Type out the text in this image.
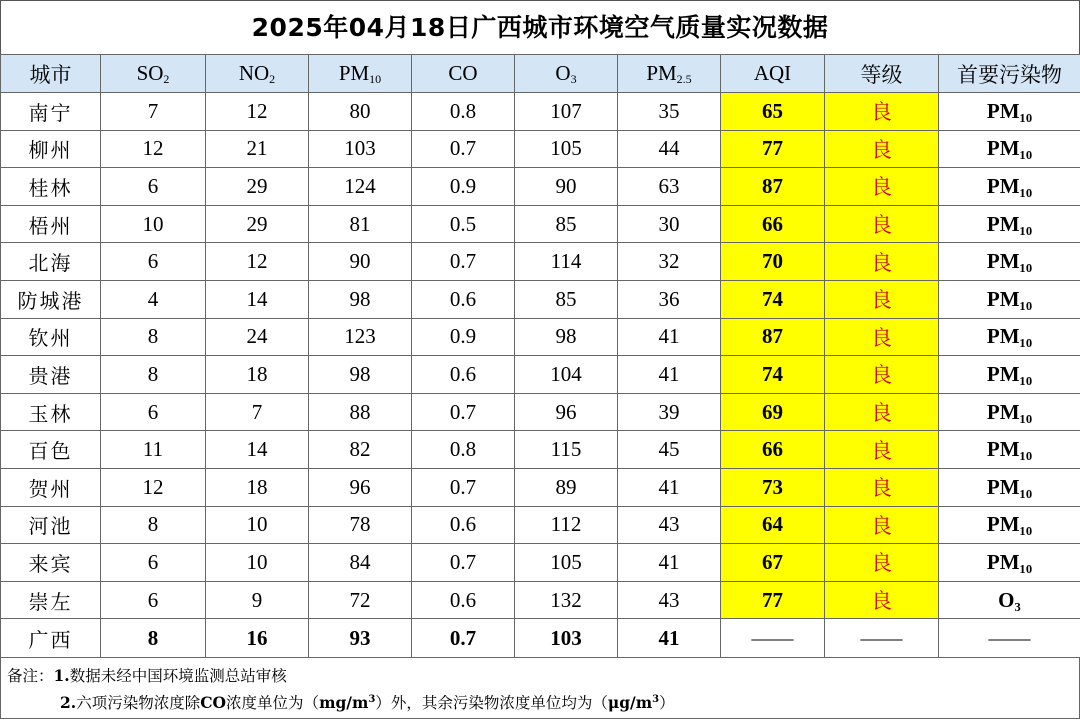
2025年04月18日广西城市环境空气质量实况数据
城市	$SO_2$	$NO_2$	$PM_{10}$	CO	$O_3$	$PM_{2.5}$	AQI	等级	首要污染物
南宁	7	12	80	0.8	107	35	65	良	PM₁₀
柳州	12	21	103	0.7	105	44	77	良	PM₁₀
桂林	6	29	124	0.9	90	63	87	良	PM₁₀
梧州	10	29	81	0.5	85	30	66	良	PM₁₀
北海	6	12	90	0.7	114	32	70	良	PM₁₀
防城港	4	14	98	0.6	85	36	74	良	PM₁₀
钦州	8	24	123	0.9	98	41	87	良	PM₁₀
贵港	8	18	98	0.6	104	41	74	良	PM₁₀
玉林	6	7	88	0.7	96	39	69	良	PM₁₀
百色	11	14	82	0.8	115	45	66	良	PM₁₀
贺州	12	18	96	0.7	89	41	73	良	PM₁₀
河池	8	10	78	0.6	112	43	64	良	PM₁₀
来宾	6	10	84	0.7	105	41	67	良	PM₁₀
崇左	6	9	72	0.6	132	43	77	良	O₃
广西	8	16	93	0.7	103	41	——	——	——
备注：1.数据未经中国环境监测总站审核
2.六项污染物浓度除CO浓度单位为$(mg/m^3)$外，其余污染物浓度单位均为$(\mu g/m^3)$
